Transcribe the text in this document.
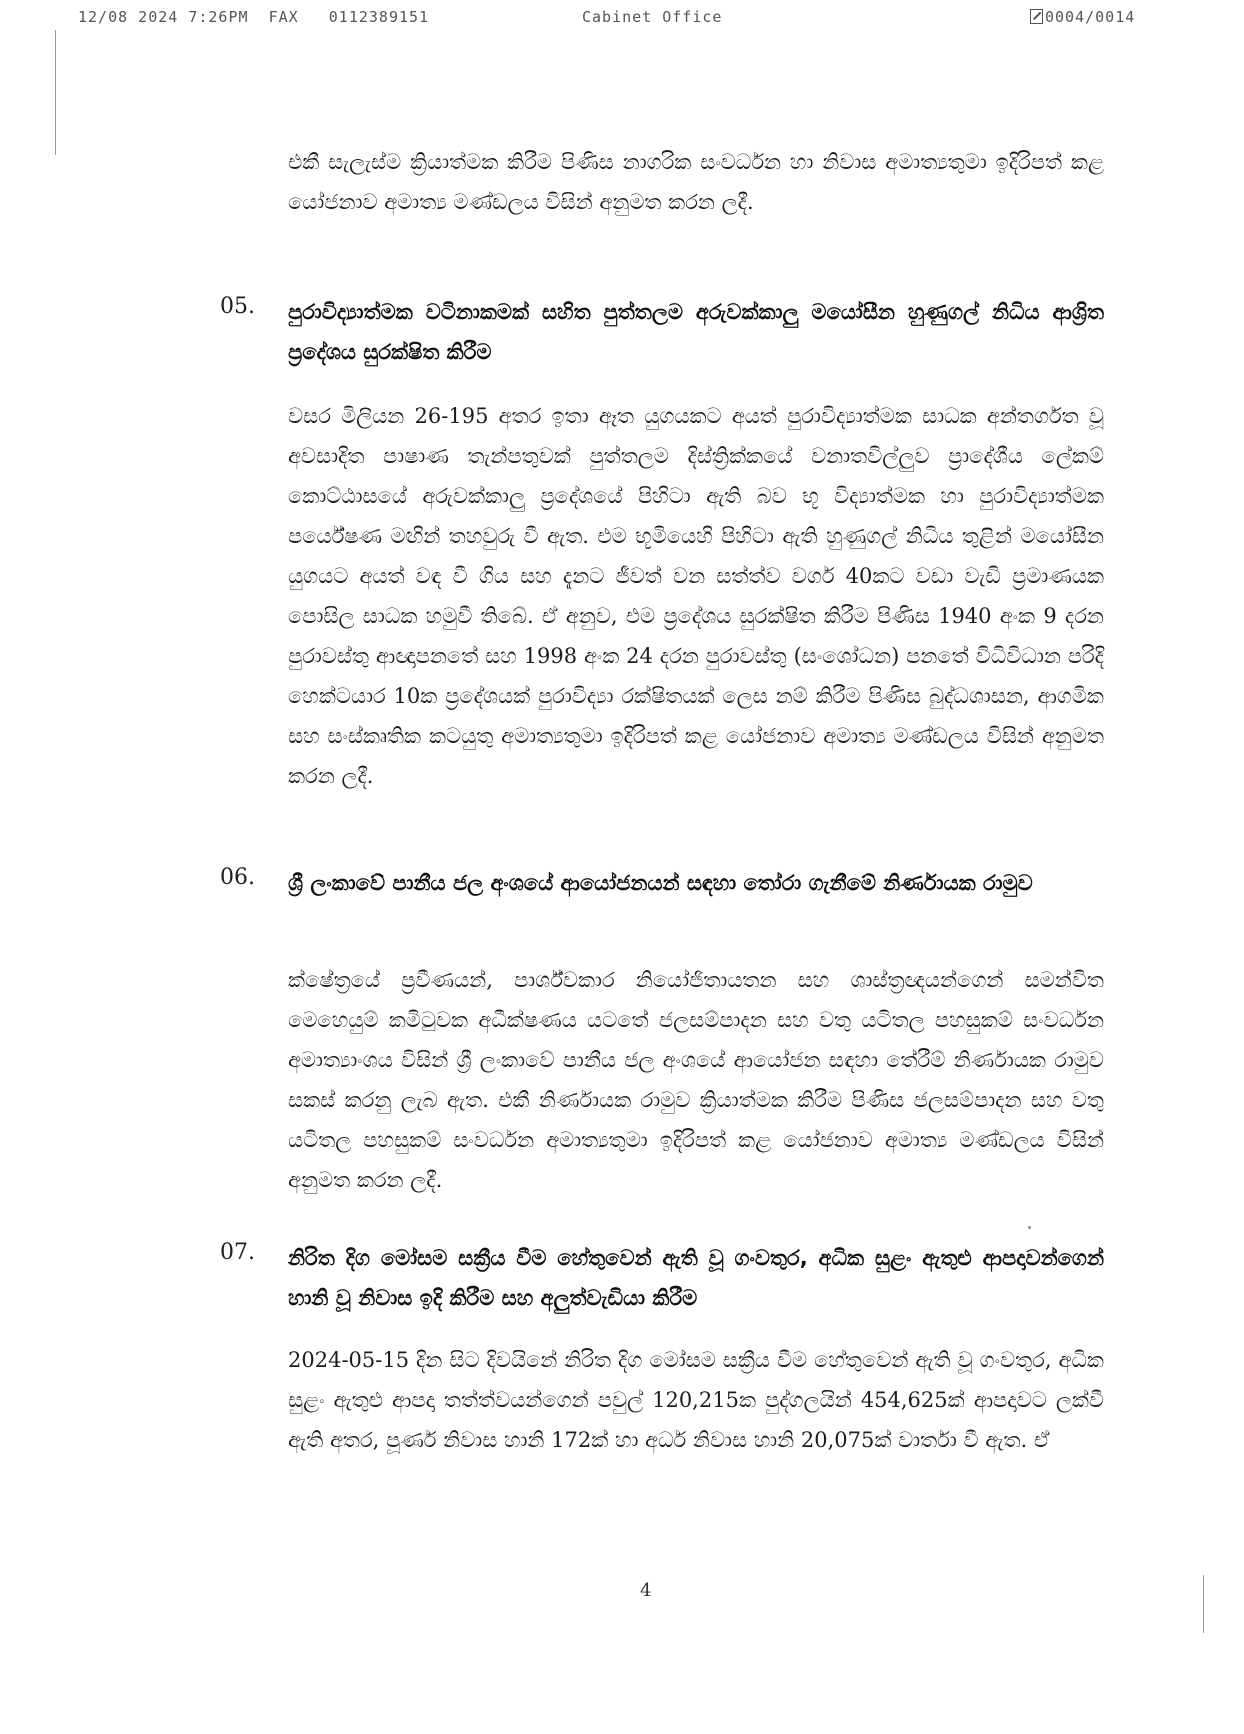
12/08 2024 7:26PM FAX 0112389151	Cabinet Office	0004/0014
එකී සැලැස්ම ක්‍රියාත්මක කිරීම පිණිස නාගරික සංවර්ධන හා නිවාස අමාත්‍යතුමා ඉදිරිපත් කළ යෝජනාව අමාත්‍ය මණ්ඩලය විසින් අනුමත කරන ලදී.
05. පුරාවිද්‍යාත්මක වටිනාකමක් සහිත පුත්තලම අරුවක්කාලු මයෝසීන හුණුගල් නිධිය ආශ්‍රිත ප්‍රදේශය සුරක්ෂිත කිරීම
වසර මිලියන 26-195 අතර ඉතා ඈත යුගයකට අයත් පුරාවිද්‍යාත්මක සාධක අන්තර්ගත වූ අවසාදිත පාෂාණ තැන්පතුවක් පුත්තලම දිස්ත්‍රික්කයේ වනාතවිල්ලුව ප්‍රාදේශීය ලේකම් කොට්ඨාසයේ අරුවක්කාලු ප්‍රදේශයේ පිහිටා ඇති බව භූ විද්‍යාත්මක හා පුරාවිද්‍යාත්මක පර්යේෂණ මඟින් තහවුරු වී ඇත. එම භූමියෙහි පිහිටා ඇති හුණුගල් නිධිය තුළින් මයෝසීන යුගයට අයත් වඳ වී ගිය සහ දැනට ජීවත් වන සත්ත්ව වර්ග 40කට වඩා වැඩි ප්‍රමාණයක පොසිල සාධක හමුවී තිබේ. ඒ අනුව, එම ප්‍රදේශය සුරක්ෂිත කිරීම පිණිස 1940 අංක 9 දරන පුරාවස්තු ආඥාපනතේ සහ 1998 අංක 24 දරන පුරාවස්තු (සංශෝධන) පනතේ විධිවිධාන පරිදි හෙක්ටයාර 10ක ප්‍රදේශයක් පුරාවිද්‍යා රක්ෂිතයක් ලෙස නම් කිරීම පිණිස බුද්ධශාසන, ආගමික සහ සංස්කෘතික කටයුතු අමාත්‍යතුමා ඉදිරිපත් කළ යෝජනාව අමාත්‍ය මණ්ඩලය විසින් අනුමත කරන ලදී.
06. ශ්‍රී ලංකාවේ පානීය ජල අංශයේ ආයෝජනයන් සඳහා තෝරා ගැනීමේ නිර්ණායක රාමුව
ක්ෂේත්‍රයේ ප්‍රවීණයන්, පාර්ශ්වකාර නියෝජිතායතන සහ ශාස්ත්‍රඥයන්ගෙන් සමන්විත මෙහෙයුම් කමිටුවක අධීක්ෂණය යටතේ ජලසම්පාදන සහ වතු යටිතල පහසුකම් සංවර්ධන අමාත්‍යාංශය විසින් ශ්‍රී ලංකාවේ පානීය ජල අංශයේ ආයෝජන සඳහා තේරීම් නිර්ණායක රාමුව සකස් කරනු ලැබ ඇත. එකී නිර්ණායක රාමුව ක්‍රියාත්මක කිරීම පිණිස ජලසම්පාදන සහ වතු යටිතල පහසුකම් සංවර්ධන අමාත්‍යතුමා ඉදිරිපත් කළ යෝජනාව අමාත්‍ය මණ්ඩලය විසින් අනුමත කරන ලදී.
07. නිරිත දිග මෝසම සක්‍රීය වීම හේතුවෙන් ඇති වූ ගංවතුර, අධික සුළං ඇතුළු ආපදාවන්ගෙන් හානි වූ නිවාස ඉදි කිරීම සහ අලුත්වැඩියා කිරීම
2024-05-15 දින සිට දිවයිනේ නිරිත දිග මෝසම සක්‍රීය වීම හේතුවෙන් ඇති වූ ගංවතුර, අධික සුළං ඇතුළු ආපදා තත්ත්වයන්ගෙන් පවුල් 120,215ක පුද්ගලයින් 454,625ක් ආපදාවට ලක්වී ඇති අතර, පූර්ණ නිවාස හානි 172ක් හා අර්ධ නිවාස හානි 20,075ක් වාර්තා වී ඇත. ඒ
4
